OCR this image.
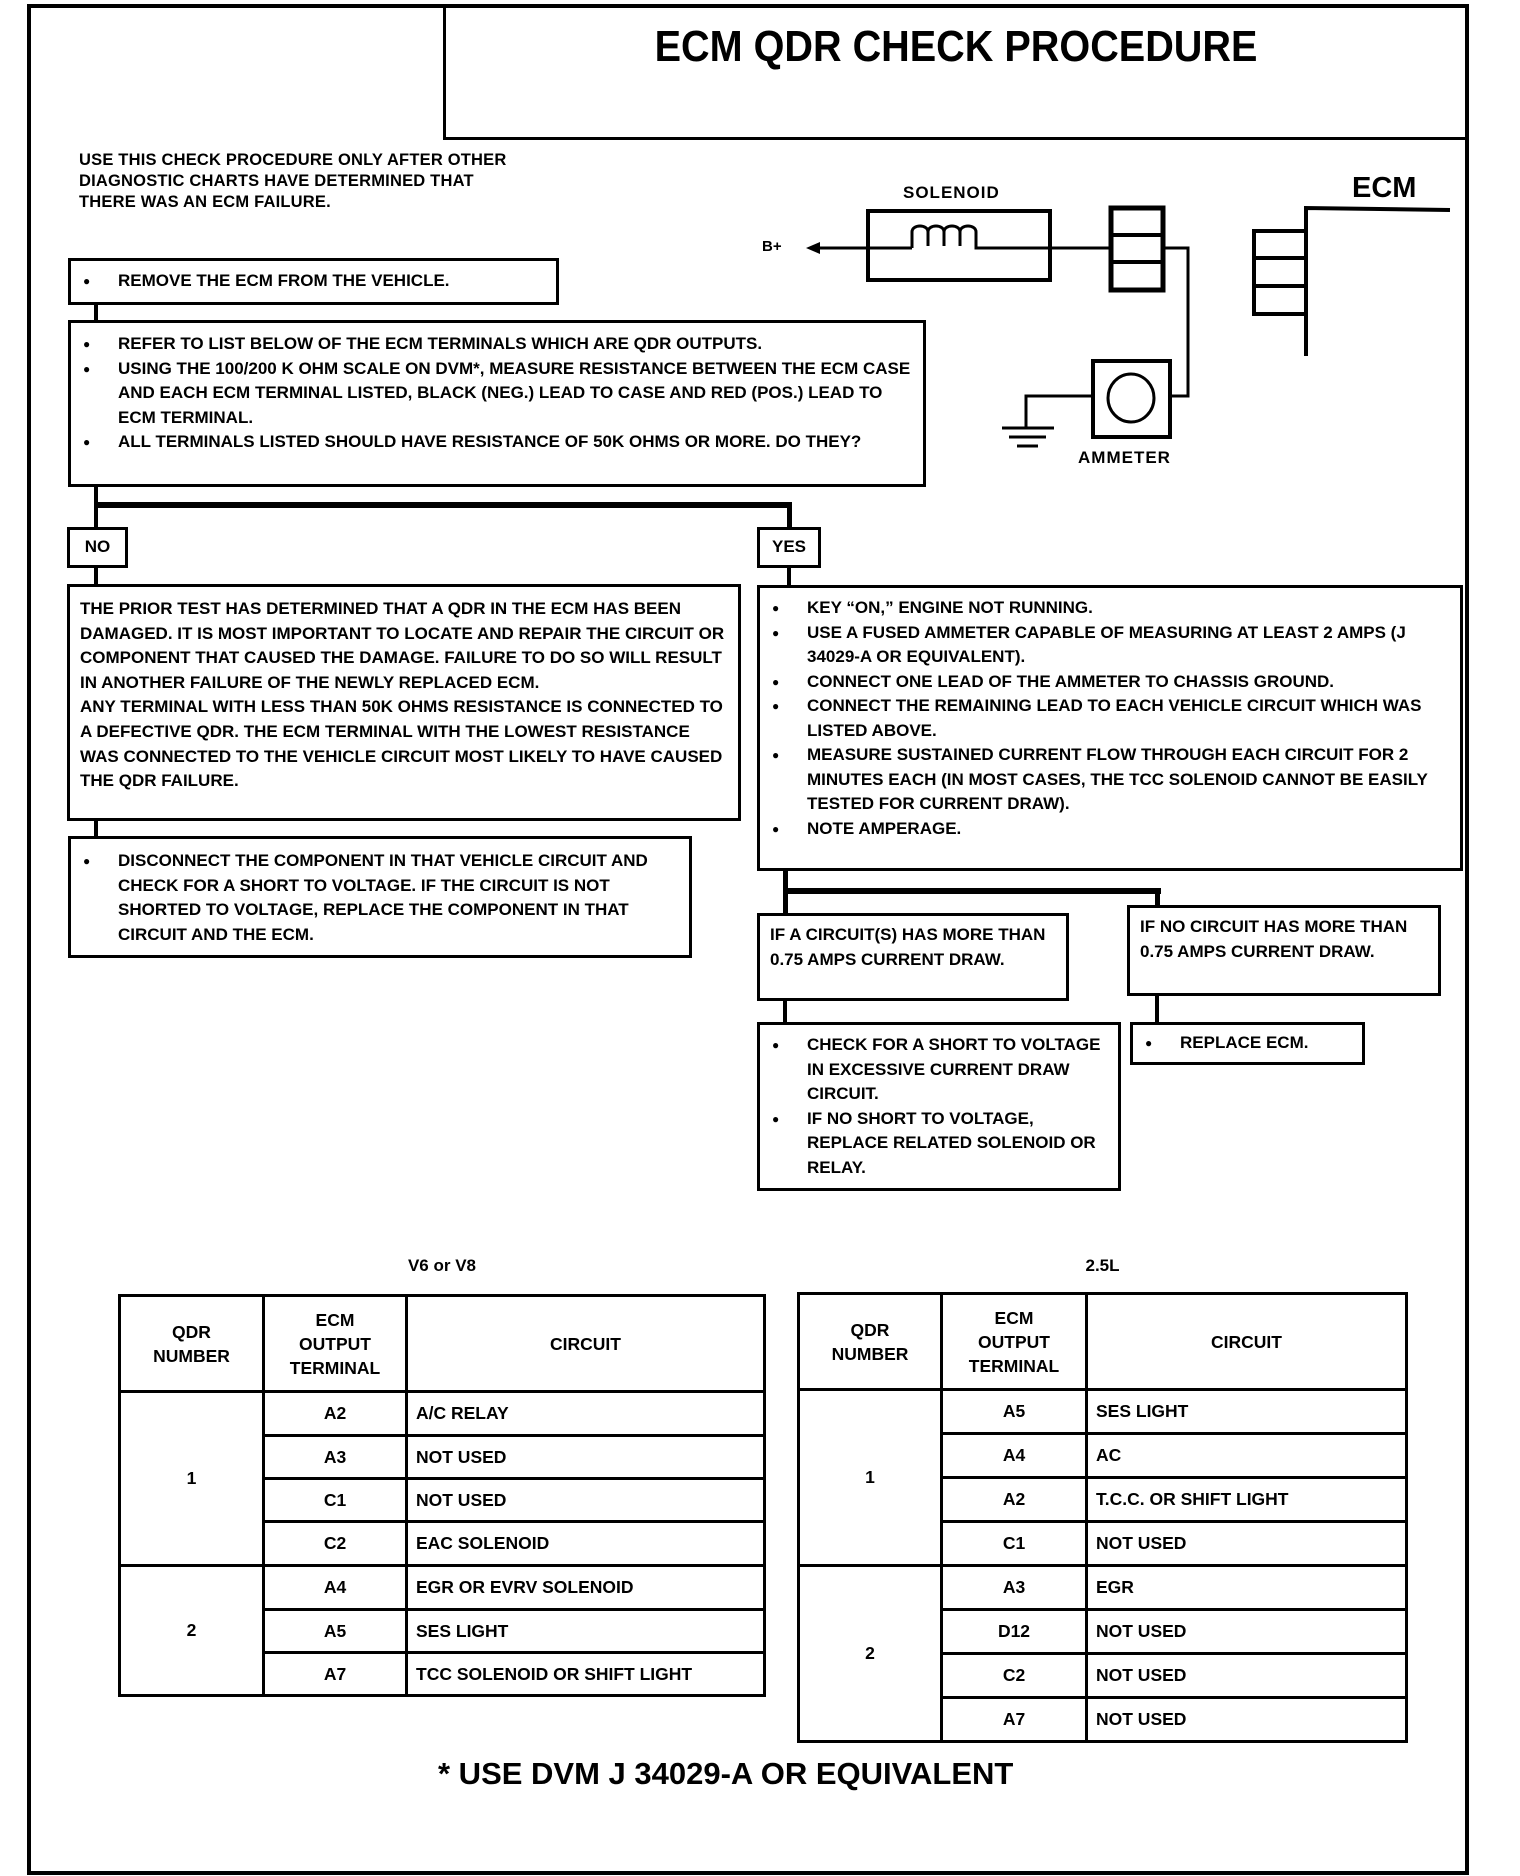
ECM QDR CHECK PROCEDURE
USE THIS CHECK PROCEDURE ONLY AFTER OTHER
DIAGNOSTIC CHARTS HAVE DETERMINED THAT
THERE WAS AN ECM FAILURE.	SOLENOID	ECM
AMMETER
B+
● REMOVE THE ECM FROM THE VEHICLE.
● REFER TO LIST BELOW OF THE ECM TERMINALS WHICH ARE QDR OUTPUTS.
● USING THE 100/200 K OHM SCALE ON DVM*, MEASURE RESISTANCE BETWEEN THE ECM CASE AND EACH ECM TERMINAL LISTED, BLACK (NEG.) LEAD TO CASE AND RED (POS.) LEAD TO ECM TERMINAL.
● ALL TERMINALS LISTED SHOULD HAVE RESISTANCE OF 50K OHMS OR MORE. DO THEY?
NO	YES
THE PRIOR TEST HAS DETERMINED THAT A QDR IN THE ECM HAS BEEN DAMAGED. IT IS MOST IMPORTANT TO LOCATE AND REPAIR THE CIRCUIT OR COMPONENT THAT CAUSED THE DAMAGE. FAILURE TO DO SO WILL RESULT IN ANOTHER FAILURE OF THE NEWLY REPLACED ECM.
ANY TERMINAL WITH LESS THAN 50K OHMS RESISTANCE IS CONNECTED TO A DEFECTIVE QDR. THE ECM TERMINAL WITH THE LOWEST RESISTANCE WAS CONNECTED TO THE VEHICLE CIRCUIT MOST LIKELY TO HAVE CAUSED THE QDR FAILURE.
● DISCONNECT THE COMPONENT IN THAT VEHICLE CIRCUIT AND CHECK FOR A SHORT TO VOLTAGE. IF THE CIRCUIT IS NOT SHORTED TO VOLTAGE, REPLACE THE COMPONENT IN THAT CIRCUIT AND THE ECM.
● KEY “ON,” ENGINE NOT RUNNING.
● USE A FUSED AMMETER CAPABLE OF MEASURING AT LEAST 2 AMPS (J 34029-A OR EQUIVALENT).
● CONNECT ONE LEAD OF THE AMMETER TO CHASSIS GROUND.
● CONNECT THE REMAINING LEAD TO EACH VEHICLE CIRCUIT WHICH WAS LISTED ABOVE.
● MEASURE SUSTAINED CURRENT FLOW THROUGH EACH CIRCUIT FOR 2 MINUTES EACH (IN MOST CASES, THE TCC SOLENOID CANNOT BE EASILY TESTED FOR CURRENT DRAW).
● NOTE AMPERAGE.
IF A CIRCUIT(S) HAS MORE THAN 0.75 AMPS CURRENT DRAW.
IF NO CIRCUIT HAS MORE THAN 0.75 AMPS CURRENT DRAW.
● CHECK FOR A SHORT TO VOLTAGE IN EXCESSIVE CURRENT DRAW CIRCUIT.
● IF NO SHORT TO VOLTAGE, REPLACE RELATED SOLENOID OR RELAY.
● REPLACE ECM.
V6 or V8	2.5L
QDR
NUMBER	ECM
OUTPUT
TERMINAL	CIRCUIT
1	A2	A/C RELAY
	A3	NOT USED
	C1	NOT USED
	C2	EAC SOLENOID
2	A4	EGR OR EVRV SOLENOID
	A5	SES LIGHT
	A7	TCC SOLENOID OR SHIFT LIGHT
QDR
NUMBER	ECM
OUTPUT
TERMINAL	CIRCUIT
1	A5	SES LIGHT
	A4	AC
	A2	T.C.C. OR SHIFT LIGHT
	C1	NOT USED
2	A3	EGR
	D12	NOT USED
	C2	NOT USED
	A7	NOT USED
* USE DVM J 34029-A OR EQUIVALENT
